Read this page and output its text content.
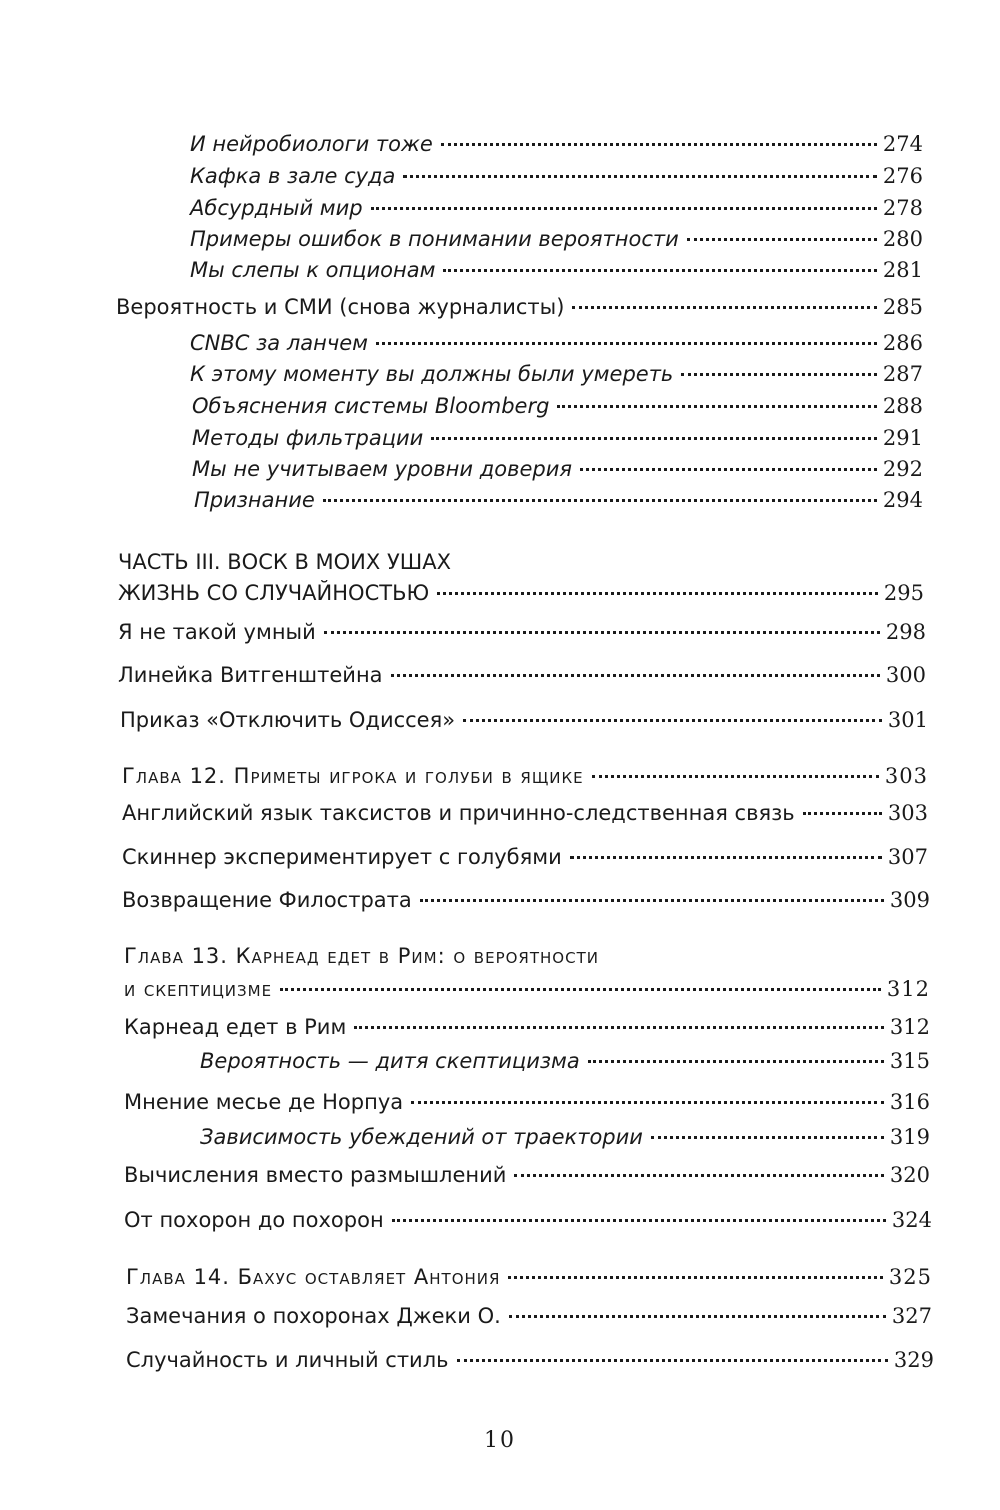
И нейробиологи тоже	274
Кафка в зале суда	276
Абсурдный мир	278
Примеры ошибок в понимании вероятности	280
Мы слепы к опционам	281
Вероятность и СМИ (снова журналисты)	285
CNBC за ланчем	286
К этому моменту вы должны были умереть	287
Объяснения системы Bloomberg	288
Методы фильтрации	291
Мы не учитываем уровни доверия	292
Признание	294
ЧАСТЬ III. ВОСК В МОИХ УШАХ
ЖИЗНЬ СО СЛУЧАЙНОСТЬЮ	295
Я не такой умный	298
Линейка Витгенштейна	300
Приказ «Отключить Одиссея»	301
Глава 12. Приметы игрока и голуби в ящике	303
Английский язык таксистов и причинно-следственная связь	303
Скиннер экспериментирует с голубями	307
Возвращение Филострата	309
Глава 13. Карнеад едет в Рим: о вероятности
и скептицизме	312
Карнеад едет в Рим	312
Вероятность — дитя скептицизма	315
Мнение месье де Норпуа	316
Зависимость убеждений от траектории	319
Вычисления вместо размышлений	320
От похорон до похорон	324
Глава 14. Бахус оставляет Антония	325
Замечания о похоронах Джеки О.	327
Случайность и личный стиль	329
10
